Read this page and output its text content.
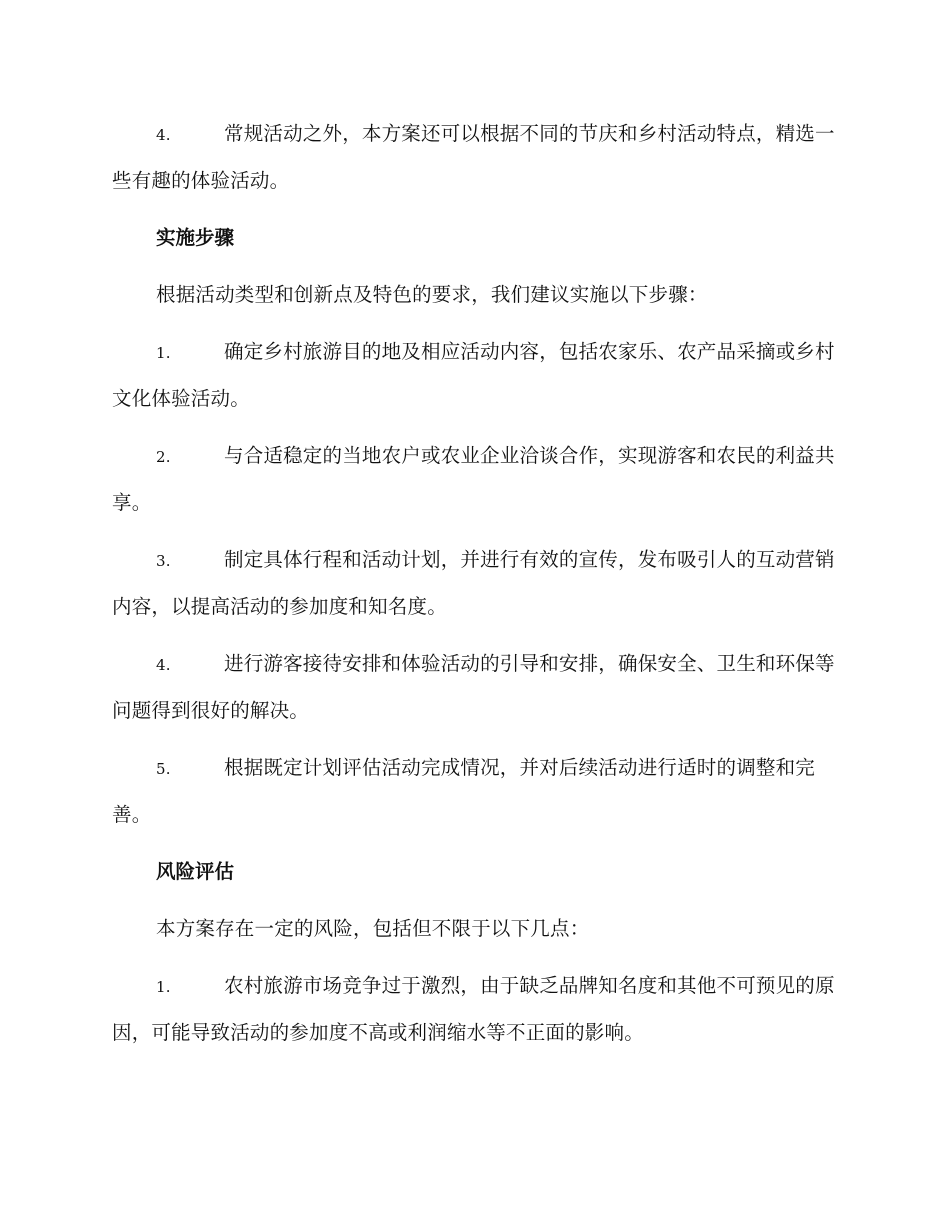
4.	常规活动之外，本方案还可以根据不同的节庆和乡村活动特点，精选一些有趣的体验活动。

实施步骤

根据活动类型和创新点及特色的要求，我们建议实施以下步骤：

1.	确定乡村旅游目的地及相应活动内容，包括农家乐、农产品采摘或乡村文化体验活动。

2.	与合适稳定的当地农户或农业企业洽谈合作，实现游客和农民的利益共享。

3.	制定具体行程和活动计划，并进行有效的宣传，发布吸引人的互动营销内容，以提高活动的参加度和知名度。

4.	进行游客接待安排和体验活动的引导和安排，确保安全、卫生和环保等问题得到很好的解决。

5.	根据既定计划评估活动完成情况，并对后续活动进行适时的调整和完善。

风险评估

本方案存在一定的风险，包括但不限于以下几点：

1.	农村旅游市场竞争过于激烈，由于缺乏品牌知名度和其他不可预见的原因，可能导致活动的参加度不高或利润缩水等不正面的影响。
